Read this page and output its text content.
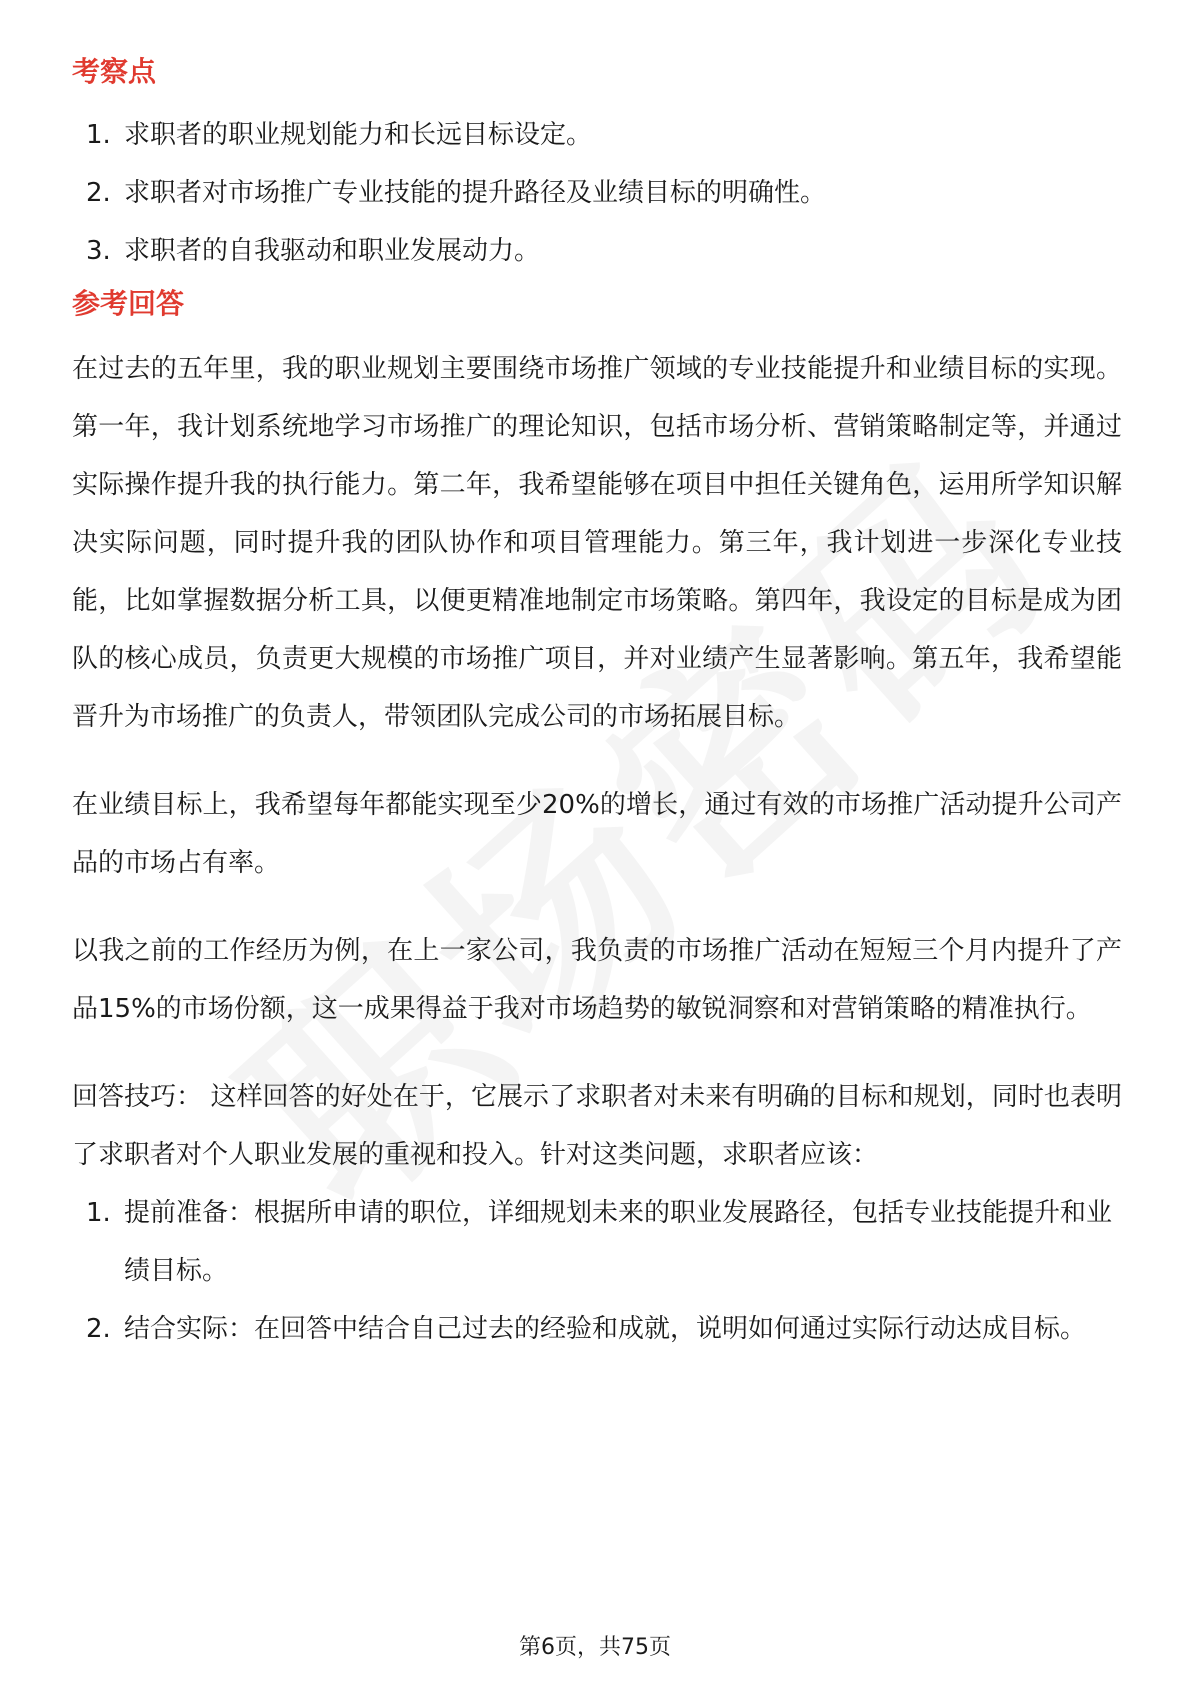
考察点
1. 求职者的职业规划能力和长远目标设定。
2. 求职者对市场推广专业技能的提升路径及业绩目标的明确性。
3. 求职者的自我驱动和职业发展动力。
参考回答

在过去的五年里，我的职业规划主要围绕市场推广领域的专业技能提升和业绩目标的实现。第一年，我计划系统地学习市场推广的理论知识，包括市场分析、营销策略制定等，并通过实际操作提升我的执行能力。第二年，我希望能够在项目中担任关键角色，运用所学知识解决实际问题，同时提升我的团队协作和项目管理能力。第三年，我计划进一步深化专业技能，比如掌握数据分析工具，以便更精准地制定市场策略。第四年，我设定的目标是成为团队的核心成员，负责更大规模的市场推广项目，并对业绩产生显著影响。第五年，我希望能晋升为市场推广的负责人，带领团队完成公司的市场拓展目标。

在业绩目标上，我希望每年都能实现至少20%的增长，通过有效的市场推广活动提升公司产品的市场占有率。

以我之前的工作经历为例，在上一家公司，我负责的市场推广活动在短短三个月内提升了产品15%的市场份额，这一成果得益于我对市场趋势的敏锐洞察和对营销策略的精准执行。

回答技巧： 这样回答的好处在于，它展示了求职者对未来有明确的目标和规划，同时也表明了求职者对个人职业发展的重视和投入。针对这类问题，求职者应该：

1. 提前准备：根据所申请的职位，详细规划未来的职业发展路径，包括专业技能提升和业绩目标。
2. 结合实际：在回答中结合自己过去的经验和成就，说明如何通过实际行动达成目标。
第6页，共75页
